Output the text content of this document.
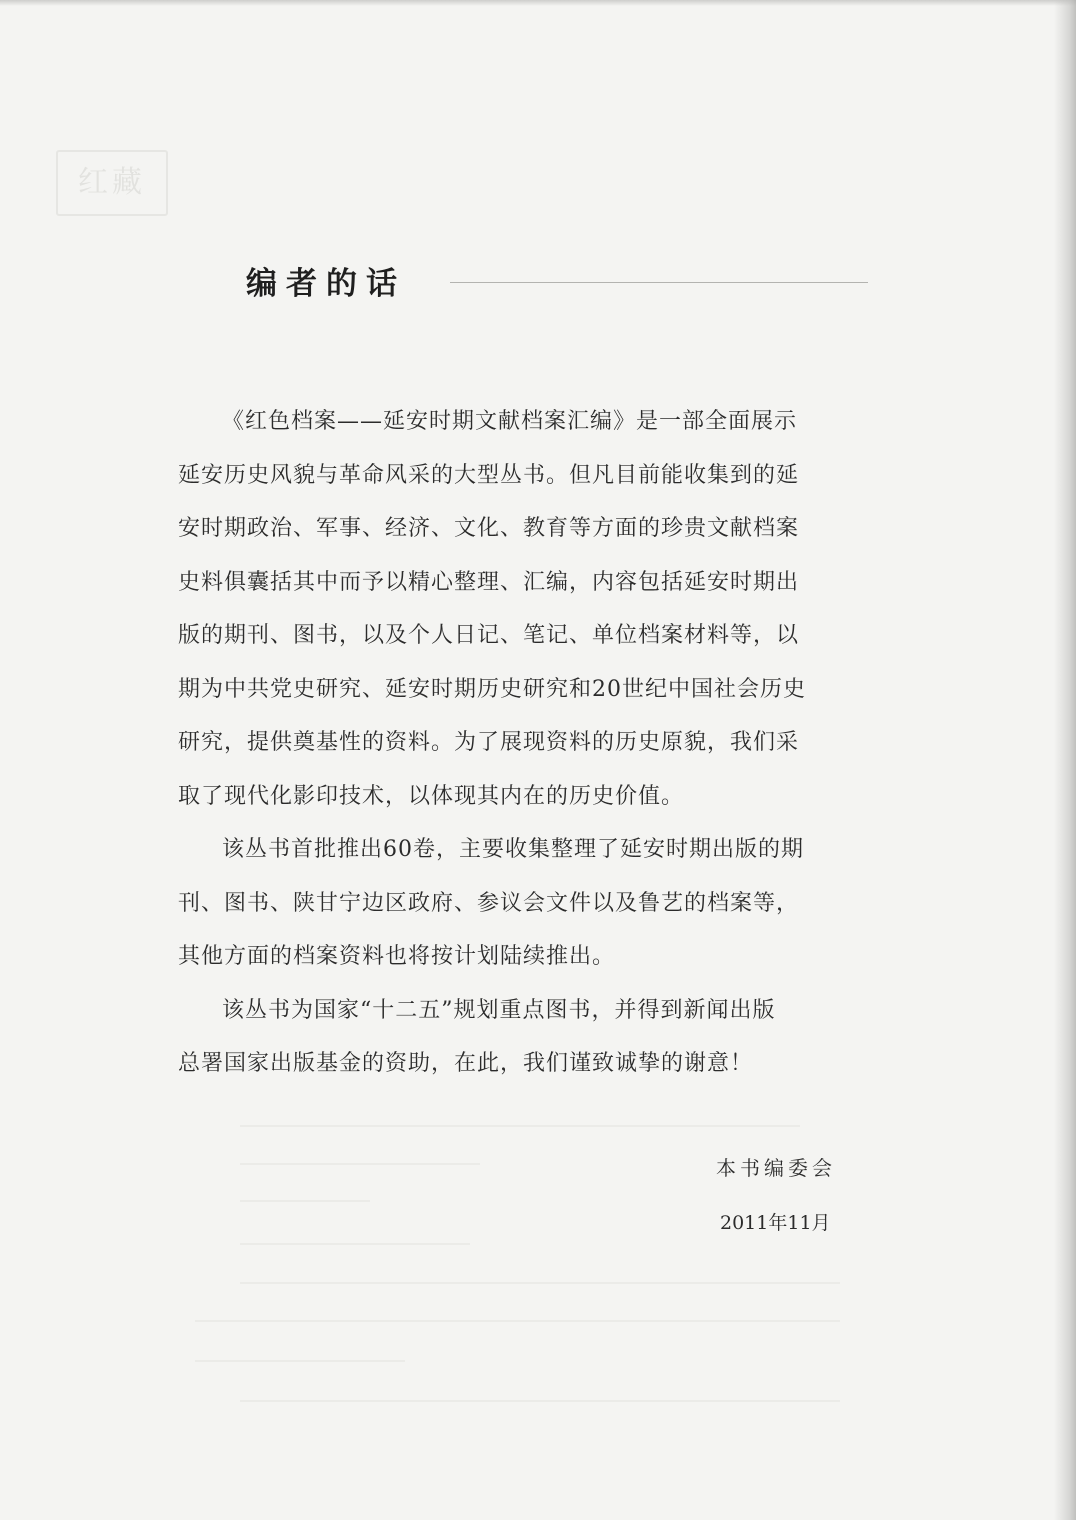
红藏
编者的话
《红色档案——延安时期文献档案汇编》是一部全面展示
延安历史风貌与革命风采的大型丛书。但凡目前能收集到的延
安时期政治、军事、经济、文化、教育等方面的珍贵文献档案
史料俱囊括其中而予以精心整理、汇编，内容包括延安时期出
版的期刊、图书，以及个人日记、笔记、单位档案材料等，以
期为中共党史研究、延安时期历史研究和20世纪中国社会历史
研究，提供奠基性的资料。为了展现资料的历史原貌，我们采
取了现代化影印技术，以体现其内在的历史价值。
该丛书首批推出60卷，主要收集整理了延安时期出版的期
刊、图书、陕甘宁边区政府、参议会文件以及鲁艺的档案等，
其他方面的档案资料也将按计划陆续推出。
该丛书为国家“十二五”规划重点图书，并得到新闻出版
总署国家出版基金的资助，在此，我们谨致诚挚的谢意！
本书编委会
2011年11月
